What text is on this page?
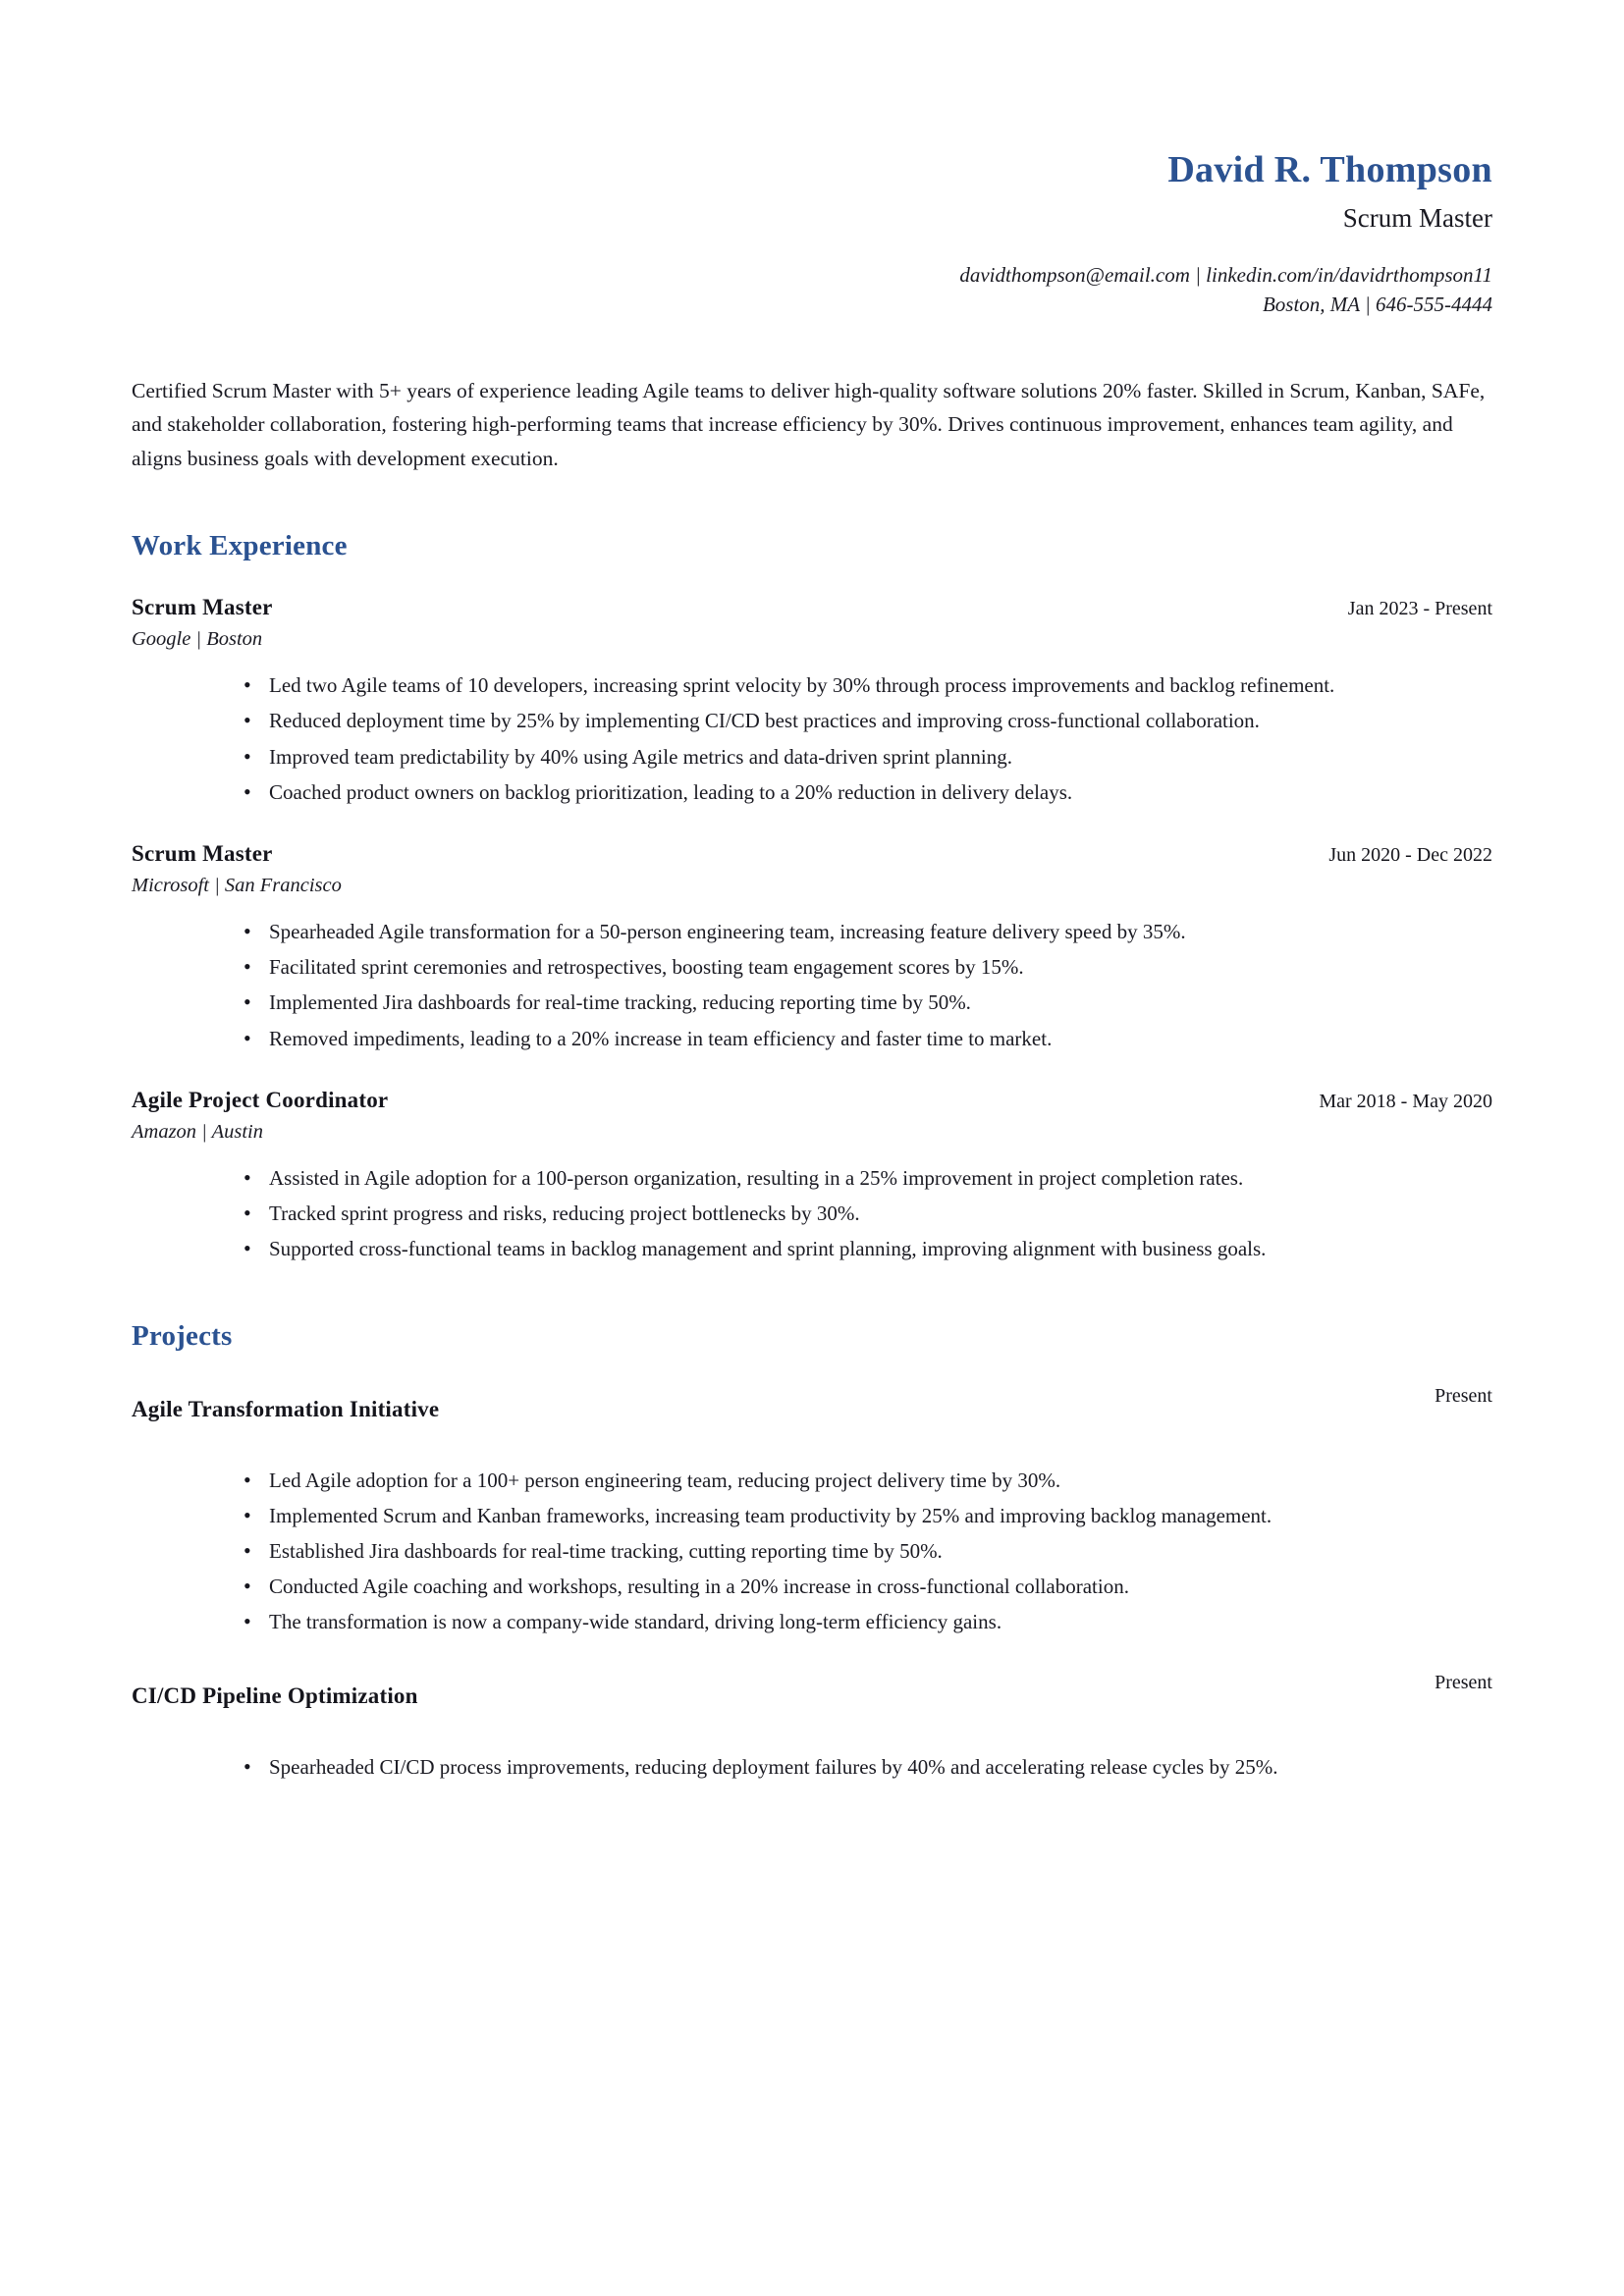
David R. Thompson
Scrum Master
davidthompson@email.com | linkedin.com/in/davidrthompson11
Boston, MA | 646-555-4444

Certified Scrum Master with 5+ years of experience leading Agile teams to deliver high-quality software solutions 20% faster. Skilled in Scrum, Kanban, SAFe, and stakeholder collaboration, fostering high-performing teams that increase efficiency by 30%. Drives continuous improvement, enhances team agility, and aligns business goals with development execution.

Work Experience
Scrum Master	Jan 2023 - Present
Google | Boston
• Led two Agile teams of 10 developers, increasing sprint velocity by 30% through process improvements and backlog refinement.
• Reduced deployment time by 25% by implementing CI/CD best practices and improving cross-functional collaboration.
• Improved team predictability by 40% using Agile metrics and data-driven sprint planning.
• Coached product owners on backlog prioritization, leading to a 20% reduction in delivery delays.
Scrum Master	Jun 2020 - Dec 2022
Microsoft | San Francisco
• Spearheaded Agile transformation for a 50-person engineering team, increasing feature delivery speed by 35%.
• Facilitated sprint ceremonies and retrospectives, boosting team engagement scores by 15%.
• Implemented Jira dashboards for real-time tracking, reducing reporting time by 50%.
• Removed impediments, leading to a 20% increase in team efficiency and faster time to market.
Agile Project Coordinator	Mar 2018 - May 2020
Amazon | Austin
• Assisted in Agile adoption for a 100-person organization, resulting in a 25% improvement in project completion rates.
• Tracked sprint progress and risks, reducing project bottlenecks by 30%.
• Supported cross-functional teams in backlog management and sprint planning, improving alignment with business goals.
Projects
Agile Transformation Initiative
Present
• Led Agile adoption for a 100+ person engineering team, reducing project delivery time by 30%.
• Implemented Scrum and Kanban frameworks, increasing team productivity by 25% and improving backlog management.
• Established Jira dashboards for real-time tracking, cutting reporting time by 50%.
• Conducted Agile coaching and workshops, resulting in a 20% increase in cross-functional collaboration.
• The transformation is now a company-wide standard, driving long-term efficiency gains.
CI/CD Pipeline Optimization
Present
• Spearheaded CI/CD process improvements, reducing deployment failures by 40% and accelerating release cycles by 25%.
